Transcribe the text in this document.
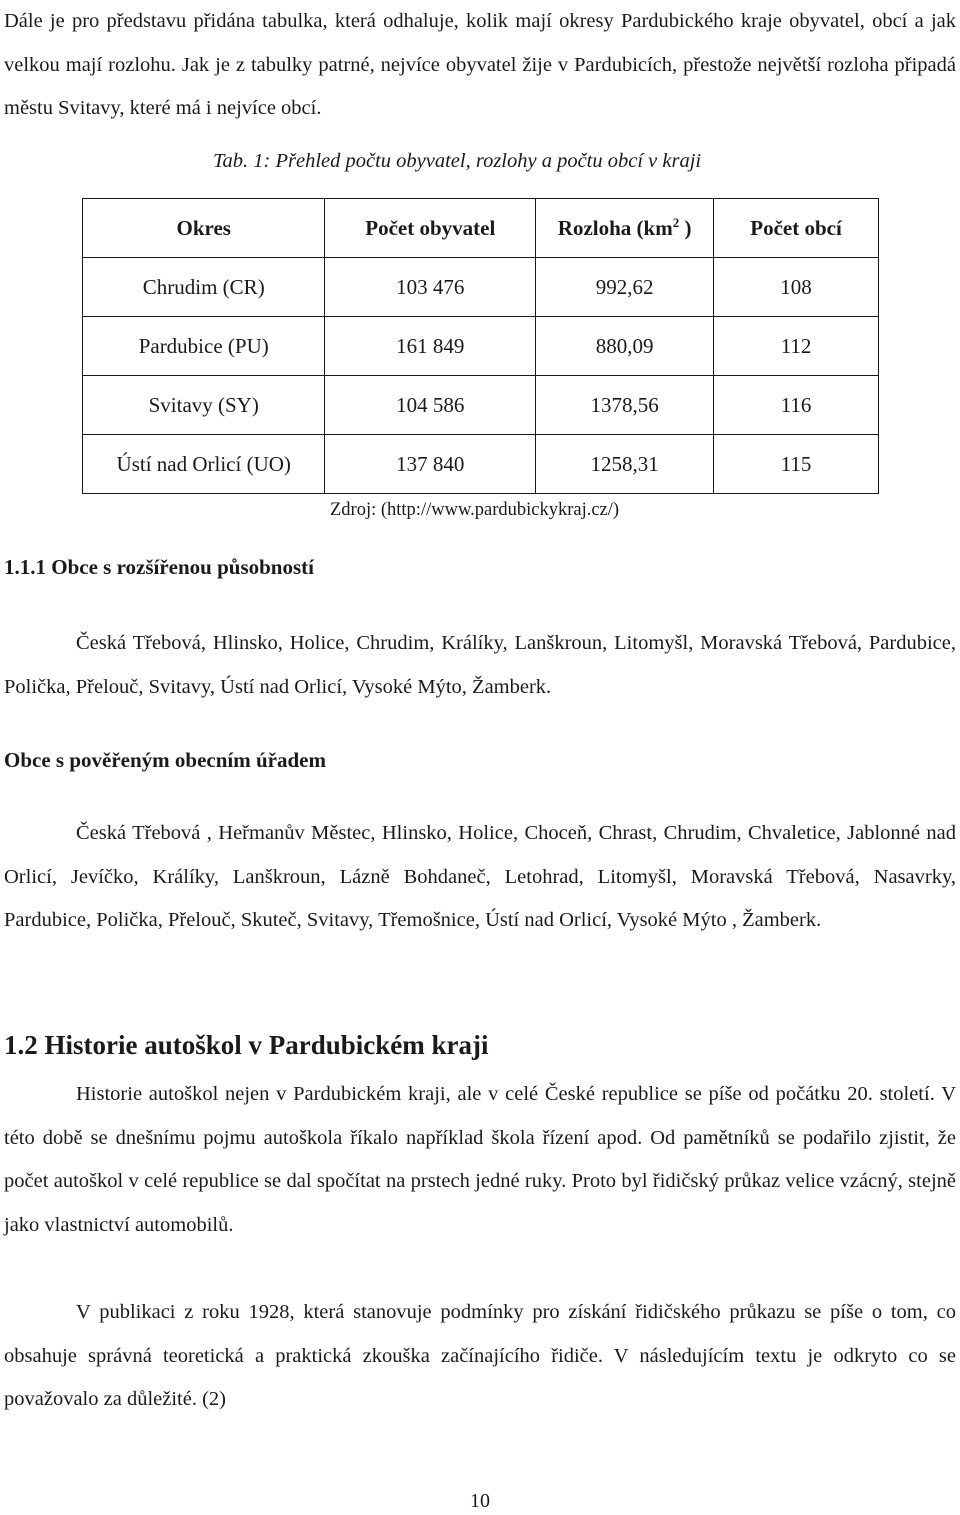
Dále je pro představu přidána tabulka, která odhaluje, kolik mají okresy Pardubického kraje obyvatel, obcí a jak velkou mají rozlohu. Jak je z tabulky patrné, nejvíce obyvatel žije v Pardubicích, přestože největší rozloha připadá městu Svitavy, které má i nejvíce obcí.

Tab. 1: Přehled počtu obyvatel, rozlohy a počtu obcí v kraji

Okres	Počet obyvatel	Rozloha ($km^2$ )	Počet obcí
Chrudim (CR)	103 476	992,62	108
Pardubice (PU)	161 849	880,09	112
Svitavy (SY)	104 586	1378,56	116
Ústí nad Orlicí (UO)	137 840	1258,31	115

Zdroj: (http://www.pardubickykraj.cz/)

1.1.1 Obce s rozšířenou působností

Česká Třebová, Hlinsko, Holice, Chrudim, Králíky, Lanškroun, Litomyšl, Moravská Třebová, Pardubice, Polička, Přelouč, Svitavy, Ústí nad Orlicí, Vysoké Mýto, Žamberk.

Obce s pověřeným obecním úřadem

Česká Třebová , Heřmanův Městec, Hlinsko, Holice, Choceň, Chrast, Chrudim, Chvaletice, Jablonné nad Orlicí, Jevíčko, Králíky, Lanškroun, Lázně Bohdaneč, Letohrad, Litomyšl, Moravská Třebová, Nasavrky, Pardubice, Polička, Přelouč, Skuteč, Svitavy, Třemošnice, Ústí nad Orlicí, Vysoké Mýto , Žamberk.

1.2 Historie autoškol v Pardubickém kraji

Historie autoškol nejen v Pardubickém kraji, ale v celé České republice se píše od počátku 20. století. V této době se dnešnímu pojmu autoškola říkalo například škola řízení apod. Od pamětníků se podařilo zjistit, že počet autoškol v celé republice se dal spočítat na prstech jedné ruky. Proto byl řidičský průkaz velice vzácný, stejně jako vlastnictví automobilů.

V publikaci z roku 1928, která stanovuje podmínky pro získání řidičského průkazu se píše o tom, co obsahuje správná teoretická a praktická zkouška začínajícího řidiče. V následujícím textu je odkryto co se považovalo za důležité. (2)

10
